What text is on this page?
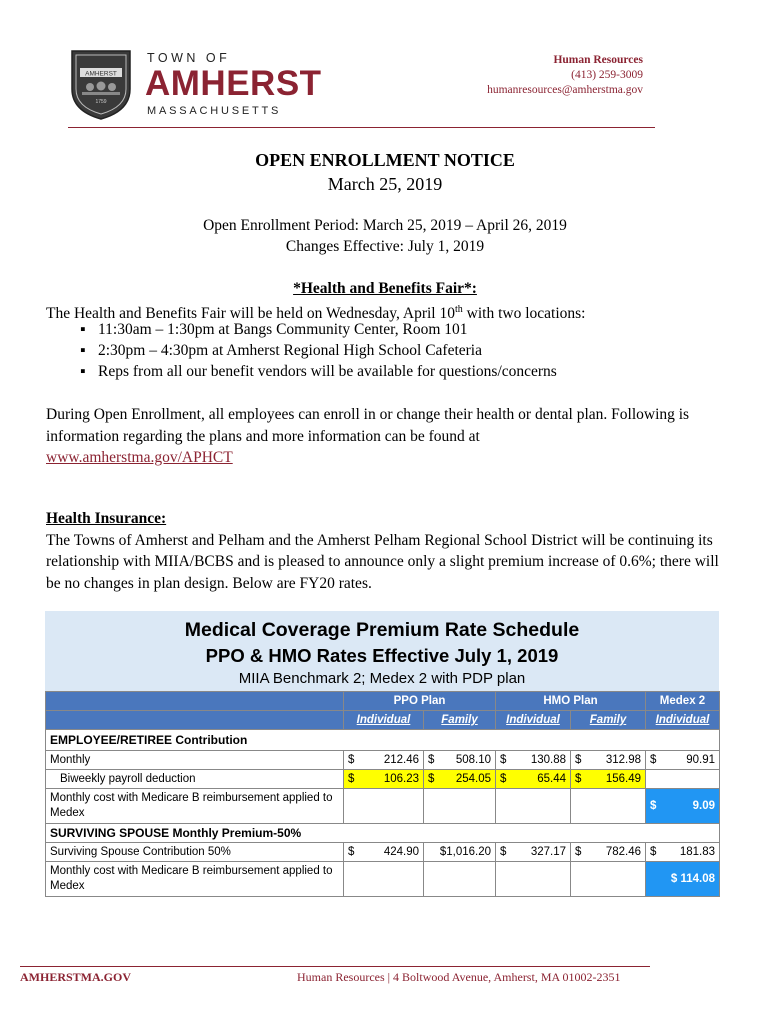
AMHERST
1759
TOWN OF
AMHERST
MASSACHUSETTS
Human Resources
(413) 259-3009
humanresources@amherstma.gov
OPEN ENROLLMENT NOTICE
March 25, 2019
Open Enrollment Period: March 25, 2019 – April 26, 2019
Changes Effective: July 1, 2019
*Health and Benefits Fair*:
The Health and Benefits Fair will be held on Wednesday, April 10th with two locations:
▪ 11:30am – 1:30pm at Bangs Community Center, Room 101
▪ 2:30pm – 4:30pm at Amherst Regional High School Cafeteria
▪ Reps from all our benefit vendors will be available for questions/concerns
During Open Enrollment, all employees can enroll in or change their health or dental plan. Following is information regarding the plans and more information can be found at
www.amherstma.gov/APHCT
Health Insurance:
The Towns of Amherst and Pelham and the Amherst Pelham Regional School District will be continuing its relationship with MIIA/BCBS and is pleased to announce only a slight premium increase of 0.6%; there will be no changes in plan design. Below are FY20 rates.
Medical Coverage Premium Rate Schedule
PPO & HMO Rates Effective July 1, 2019
MIIA Benchmark 2; Medex 2 with PDP plan
	PPO Plan		HMO Plan		Medex 2
	Individual	Family	Individual	Family	Individual
EMPLOYEE/RETIREE Contribution					
Monthly	$ 212.46	$ 508.10	$ 130.88	$ 312.98	$ 90.91

Biweekly payroll deduction	$ 106.23	$ 254.05	$ 65.44	$ 156.49	

Monthly cost with Medicare B reimbursement applied to Medex					$ 9.09

SURVIVING SPOUSE Monthly Premium-50%					
Surviving Spouse Contribution 50%	$ 424.90	$1,016.20	$ 327.17	$ 782.46	$ 181.83

Monthly cost with Medicare B reimbursement applied to Medex					$ 114.08
AMHERSTMA.GOV	Human Resources | 4 Boltwood Avenue, Amherst, MA 01002-2351
